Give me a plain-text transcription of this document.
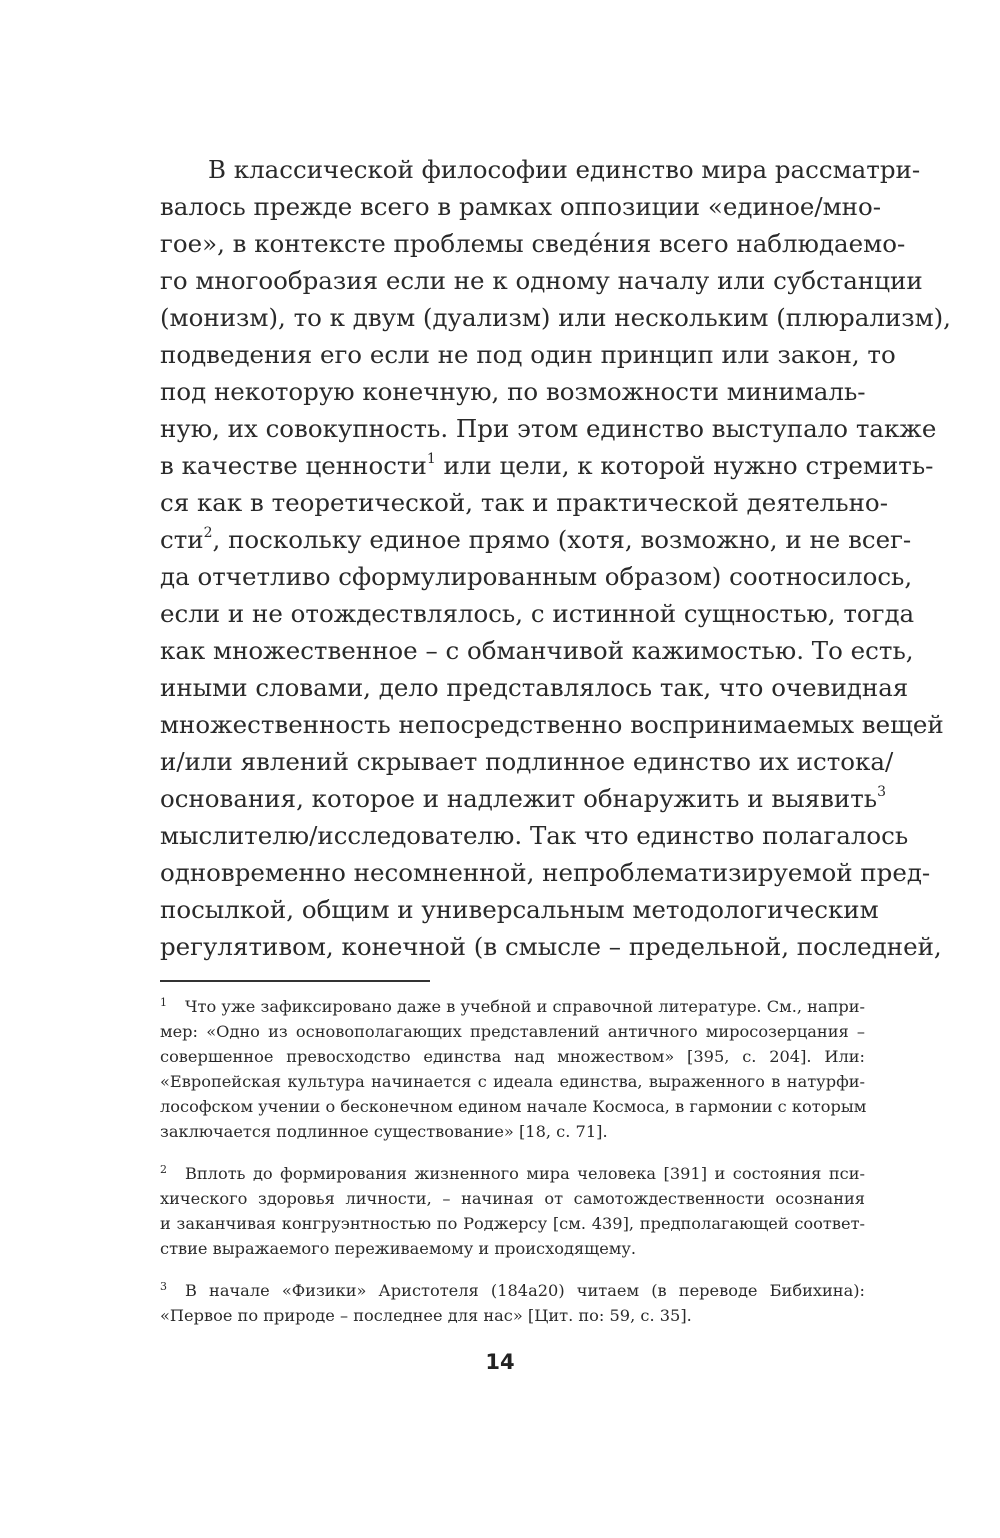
В классической философии единство мира рассматри-
валось прежде всего в рамках оппозиции «единое/мно-
гое», в контексте проблемы сведе́ния всего наблюдаемо-
го многообразия если не к одному началу или субстанции
(монизм), то к двум (дуализм) или нескольким (плюрализм),
подведения его если не под один принцип или закон, то
под некоторую конечную, по возможности минималь-
ную, их совокупность. При этом единство выступало также
в качестве ценности$^1$ или цели, к которой нужно стремить-
ся как в теоретической, так и практической деятельно-
сти$^2$, поскольку единое прямо (хотя, возможно, и не всег-
да отчетливо сформулированным образом) соотносилось,
если и не отождествлялось, с истинной сущностью, тогда
как множественное – с обманчивой кажимостью. То есть,
иными словами, дело представлялось так, что очевидная
множественность непосредственно воспринимаемых вещей
и/или явлений скрывает подлинное единство их истока/
основания, которое и надлежит обнаружить и выявить$^3$
мыслителю/исследователю. Так что единство полагалось
одновременно несомненной, непроблематизируемой пред-
посылкой, общим и универсальным методологическим
регулятивом, конечной (в смысле – предельной, последней,
$^1$ Что уже зафиксировано даже в учебной и справочной литературе. См., напри-
мер: «Одно из основополагающих представлений античного миросозерцания –
совершенное превосходство единства над множеством» [395, с. 204]. Или:
«Европейская культура начинается с идеала единства, выраженного в натурфи-
лософском учении о бесконечном едином начале Космоса, в гармонии с которым
заключается подлинное существование» [18, с. 71].
$^2$ Вплоть до формирования жизненного мира человека [391] и состояния пси-
хического здоровья личности, – начиная от самотождественности осознания
и заканчивая конгруэнтностью по Роджерсу [см. 439], предполагающей соответ-
ствие выражаемого переживаемому и происходящему.
$^3$ В начале «Физики» Аристотеля (184а20) читаем (в переводе Бибихина):
«Первое по природе – последнее для нас» [Цит. по: 59, с. 35].
14
